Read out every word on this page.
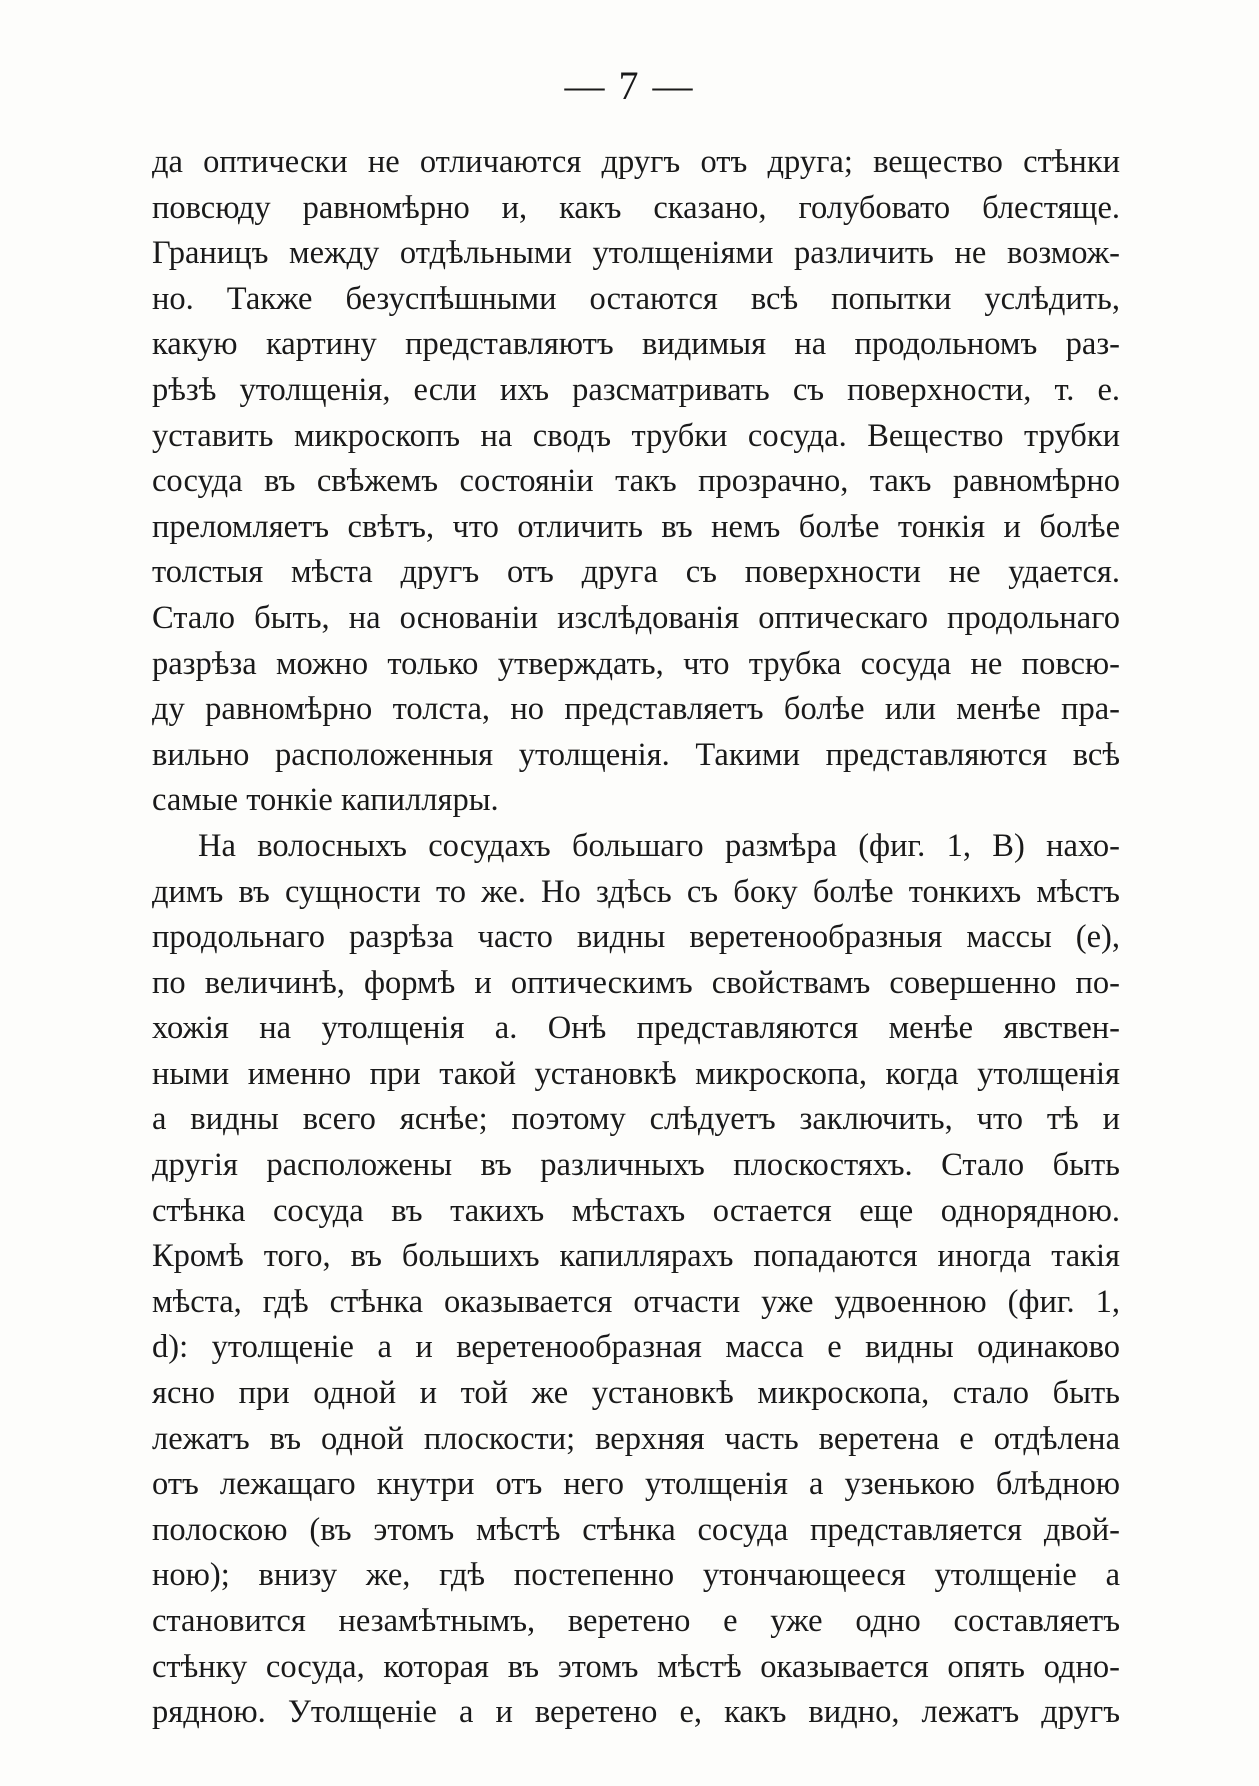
— 7 —
да оптически не отличаются другъ отъ друга; вещество стѣнки
повсюду равномѣрно и, какъ сказано, голубовато блестяще.
Границъ между отдѣльными утолщеніями различить не возмож-
но. Также безуспѣшными остаются всѣ попытки услѣдить,
какую картину представляютъ видимыя на продольномъ раз-
рѣзѣ утолщенія, если ихъ разсматривать съ поверхности, т. е.
уставить микроскопъ на сводъ трубки сосуда. Вещество трубки
сосуда въ свѣжемъ состояніи такъ прозрачно, такъ равномѣрно
преломляетъ свѣтъ, что отличить въ немъ болѣе тонкія и болѣе
толстыя мѣста другъ отъ друга съ поверхности не удается.
Стало быть, на основаніи изслѣдованія оптическаго продольнаго
разрѣза можно только утверждать, что трубка сосуда не повсю-
ду равномѣрно толста, но представляетъ болѣе или менѣе пра-
вильно расположенныя утолщенія. Такими представляются всѣ
самые тонкіе капилляры.
На волосныхъ сосудахъ большаго размѣра (фиг. 1, B) нахо-
димъ въ сущности то же. Но здѣсь съ боку болѣе тонкихъ мѣстъ
продольнаго разрѣза часто видны веретенообразныя массы (e),
по величинѣ, формѣ и оптическимъ свойствамъ совершенно по-
хожія на утолщенія a. Онѣ представляются менѣе явствен-
ными именно при такой установкѣ микроскопа, когда утолщенія
a видны всего яснѣе; поэтому слѣдуетъ заключить, что тѣ и
другія расположены въ различныхъ плоскостяхъ. Стало быть
стѣнка сосуда въ такихъ мѣстахъ остается еще однорядною.
Кромѣ того, въ большихъ капиллярахъ попадаются иногда такія
мѣста, гдѣ стѣнка оказывается отчасти уже удвоенною (фиг. 1,
d): утолщеніе a и веретенообразная масса e видны одинаково
ясно при одной и той же установкѣ микроскопа, стало быть
лежатъ въ одной плоскости; верхняя часть веретена e отдѣлена
отъ лежащаго кнутри отъ него утолщенія a узенькою блѣдною
полоскою (въ этомъ мѣстѣ стѣнка сосуда представляется двой-
ною); внизу же, гдѣ постепенно утончающееся утолщеніе a
становится незамѣтнымъ, веретено e уже одно составляетъ
стѣнку сосуда, которая въ этомъ мѣстѣ оказывается опять одно-
рядною. Утолщеніе a и веретено e, какъ видно, лежатъ другъ
